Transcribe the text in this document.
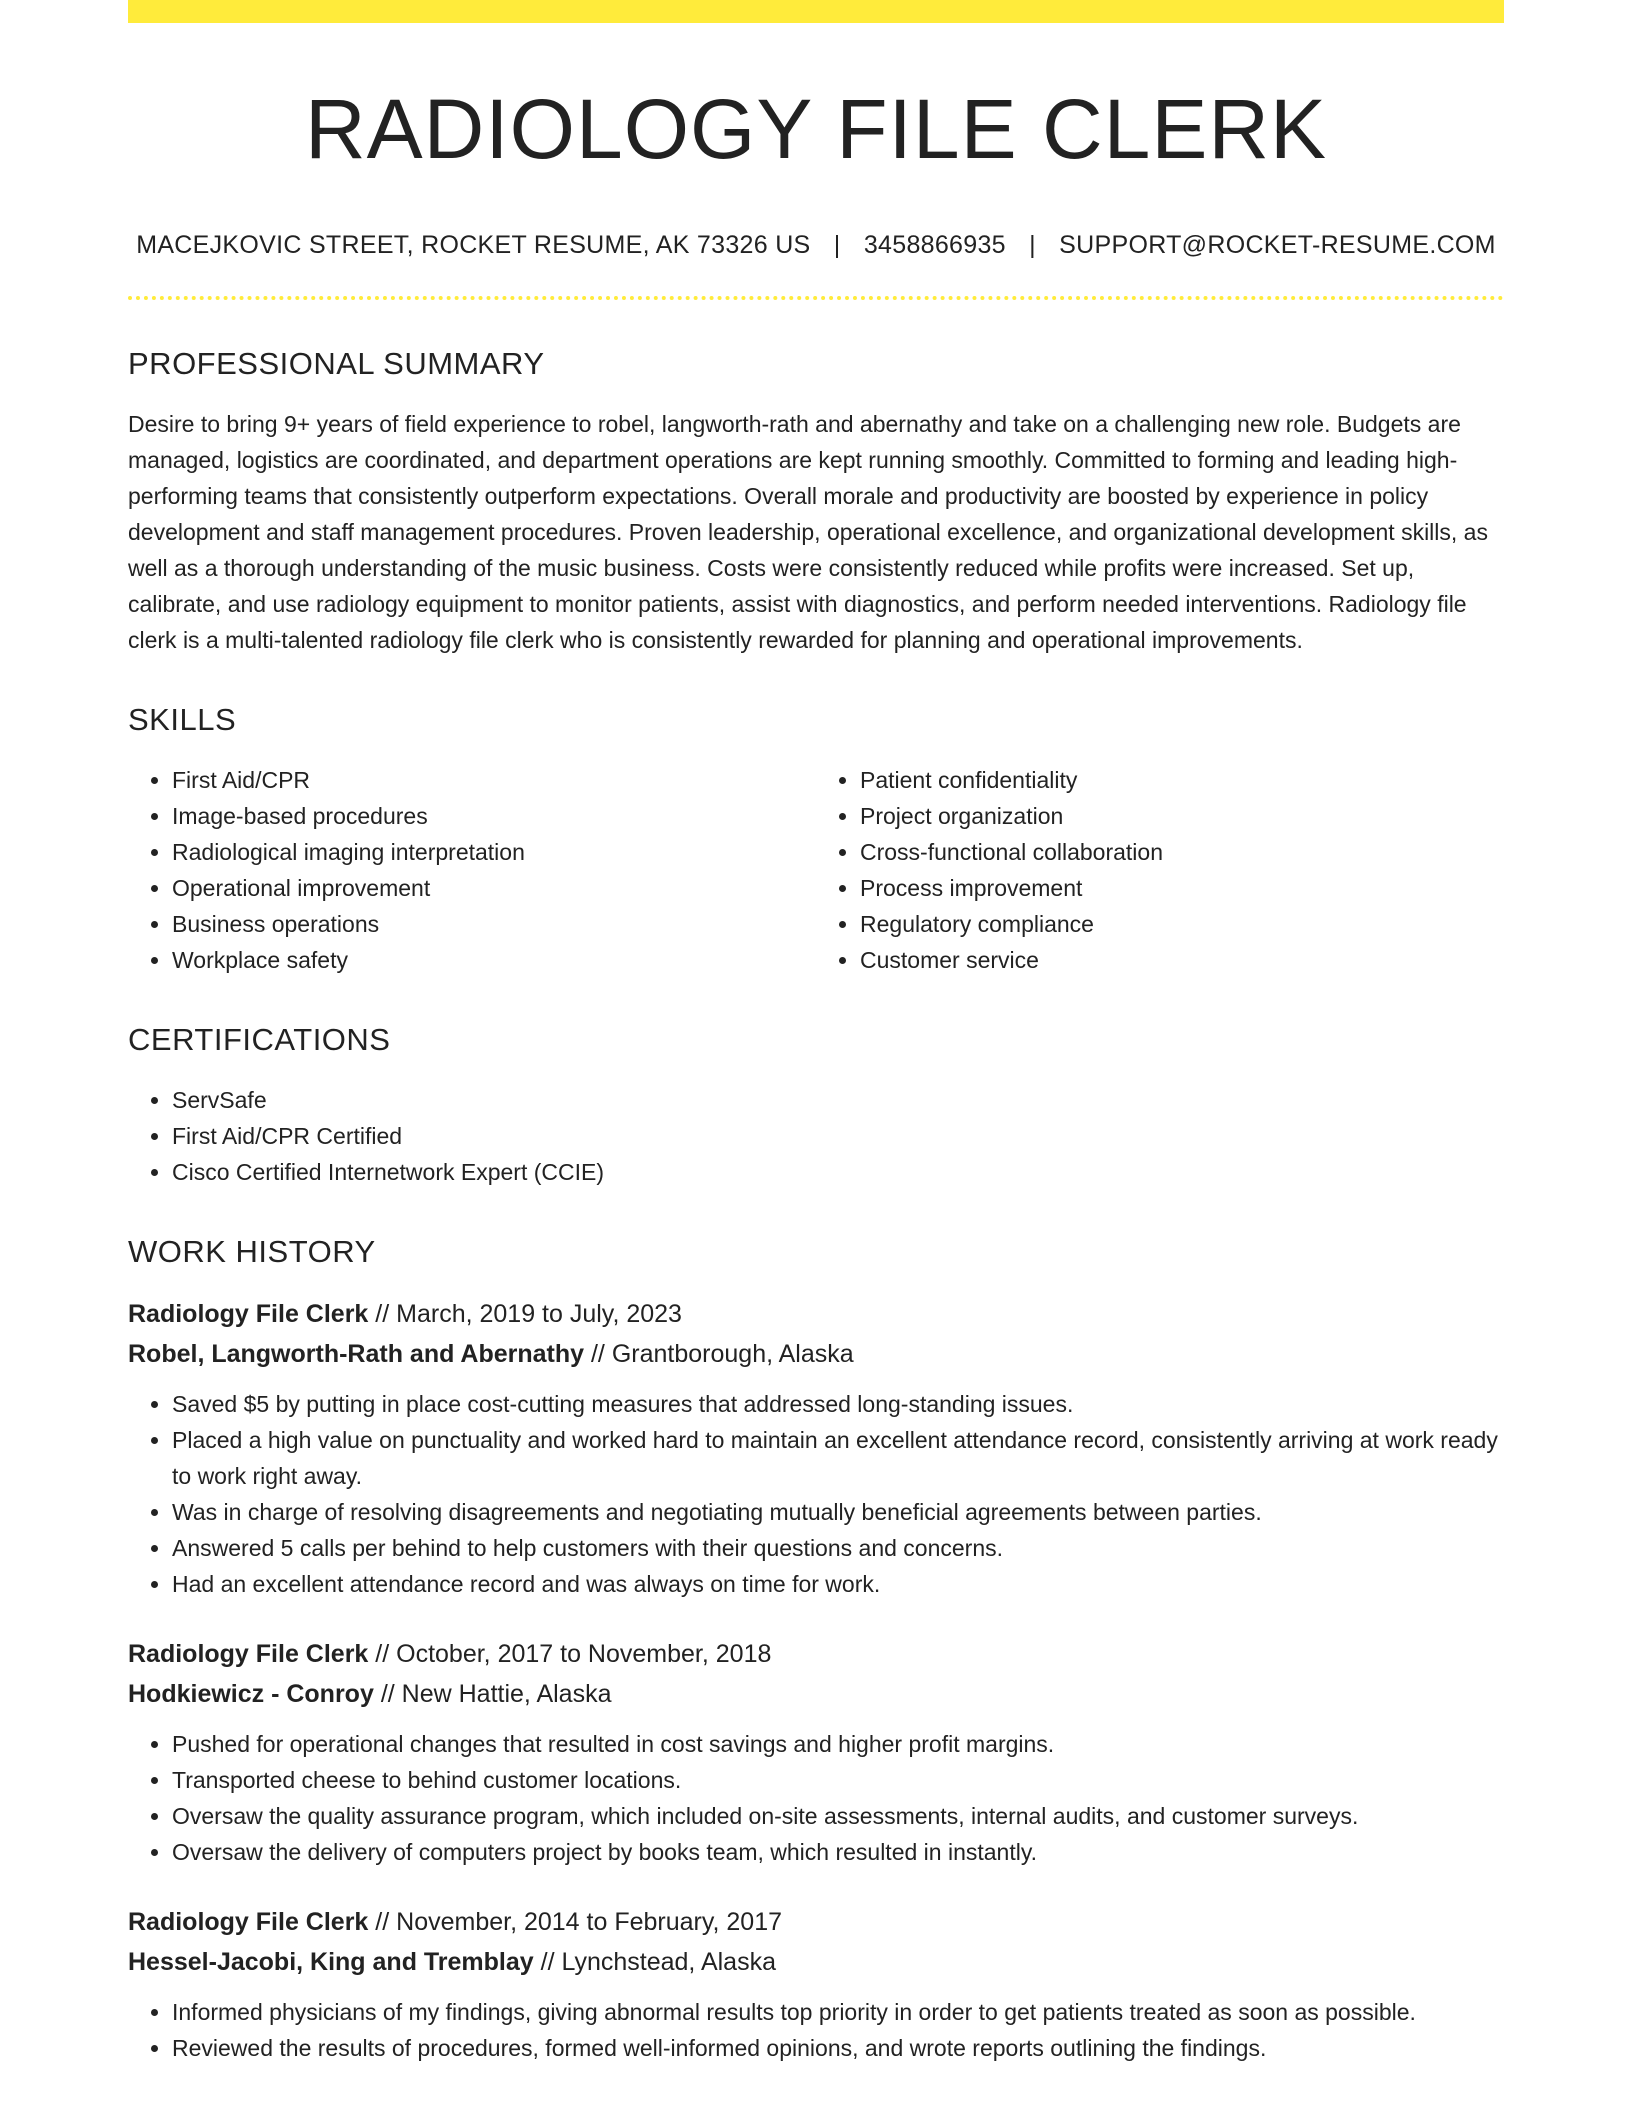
RADIOLOGY FILE CLERK
MACEJKOVIC STREET, ROCKET RESUME, AK 73326 US | 3458866935 | SUPPORT@ROCKET-RESUME.COM
PROFESSIONAL SUMMARY

Desire to bring 9+ years of field experience to robel, langworth-rath and abernathy and take on a challenging new role. Budgets are managed, logistics are coordinated, and department operations are kept running smoothly. Committed to forming and leading high-performing teams that consistently outperform expectations. Overall morale and productivity are boosted by experience in policy development and staff management procedures. Proven leadership, operational excellence, and organizational development skills, as well as a thorough understanding of the music business. Costs were consistently reduced while profits were increased. Set up, calibrate, and use radiology equipment to monitor patients, assist with diagnostics, and perform needed interventions. Radiology file clerk is a multi-talented radiology file clerk who is consistently rewarded for planning and operational improvements.

SKILLS
• First Aid/CPR
• Image-based procedures
• Radiological imaging interpretation
• Operational improvement
• Business operations
• Workplace safety
• Patient confidentiality
• Project organization
• Cross-functional collaboration
• Process improvement
• Regulatory compliance
• Customer service
CERTIFICATIONS
• ServSafe
• First Aid/CPR Certified
• Cisco Certified Internetwork Expert (CCIE)
WORK HISTORY
Radiology File Clerk // March, 2019 to July, 2023
Robel, Langworth-Rath and Abernathy // Grantborough, Alaska
• Saved $5 by putting in place cost-cutting measures that addressed long-standing issues.
• Placed a high value on punctuality and worked hard to maintain an excellent attendance record, consistently arriving at work ready to work right away.
• Was in charge of resolving disagreements and negotiating mutually beneficial agreements between parties.
• Answered 5 calls per behind to help customers with their questions and concerns.
• Had an excellent attendance record and was always on time for work.
Radiology File Clerk // October, 2017 to November, 2018
Hodkiewicz - Conroy // New Hattie, Alaska
• Pushed for operational changes that resulted in cost savings and higher profit margins.
• Transported cheese to behind customer locations.
• Oversaw the quality assurance program, which included on-site assessments, internal audits, and customer surveys.
• Oversaw the delivery of computers project by books team, which resulted in instantly.
Radiology File Clerk // November, 2014 to February, 2017
Hessel-Jacobi, King and Tremblay // Lynchstead, Alaska
• Informed physicians of my findings, giving abnormal results top priority in order to get patients treated as soon as possible.
• Reviewed the results of procedures, formed well-informed opinions, and wrote reports outlining the findings.
